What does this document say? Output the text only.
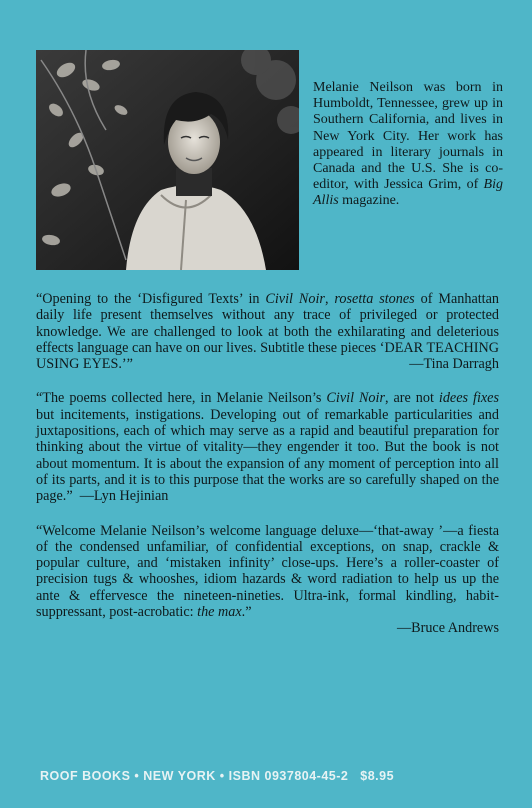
Melanie Neilson was born in Humboldt, Tennessee, grew up in Southern California, and lives in New York City. Her work has appeared in literary journals in Canada and the U.S. She is co-editor, with Jessica Grim, of Big Allis magazine.

“Opening to the ‘Disfigured Texts’ in Civil Noir, rosetta stones of Manhattan daily life present themselves without any trace of privileged or protected knowledge. We are challenged to look at both the exhilarating and deleterious effects language can have on our lives. Subtitle these pieces ‘DEAR TEACHING USING EYES.’”	—Tina Darragh

“The poems collected here, in Melanie Neilson’s Civil Noir, are not idees fixes but incitements, instigations. Developing out of remarkable particularities and juxtapositions, each of which may serve as a rapid and beautiful preparation for thinking about the virtue of vitality—they engender it too. But the book is not about momentum. It is about the expansion of any moment of perception into all of its parts, and it is to this purpose that the works are so carefully shaped on the page.” —Lyn Hejinian

“Welcome Melanie Neilson’s welcome language deluxe—‘that-away ’—a fiesta of the condensed unfamiliar, of confidential exceptions, on snap, crackle & popular culture, and ‘mistaken infinity’ close-ups. Here’s a roller-coaster of precision tugs & whooshes, idiom hazards & word radiation to help us up the ante & effervesce the nineteen-nineties. Ultra-ink, formal kindling, habit-suppressant, post-acrobatic: the max.”

—Bruce Andrews
ROOF BOOKS • NEW YORK • ISBN 0937804-45-2 $8.95
